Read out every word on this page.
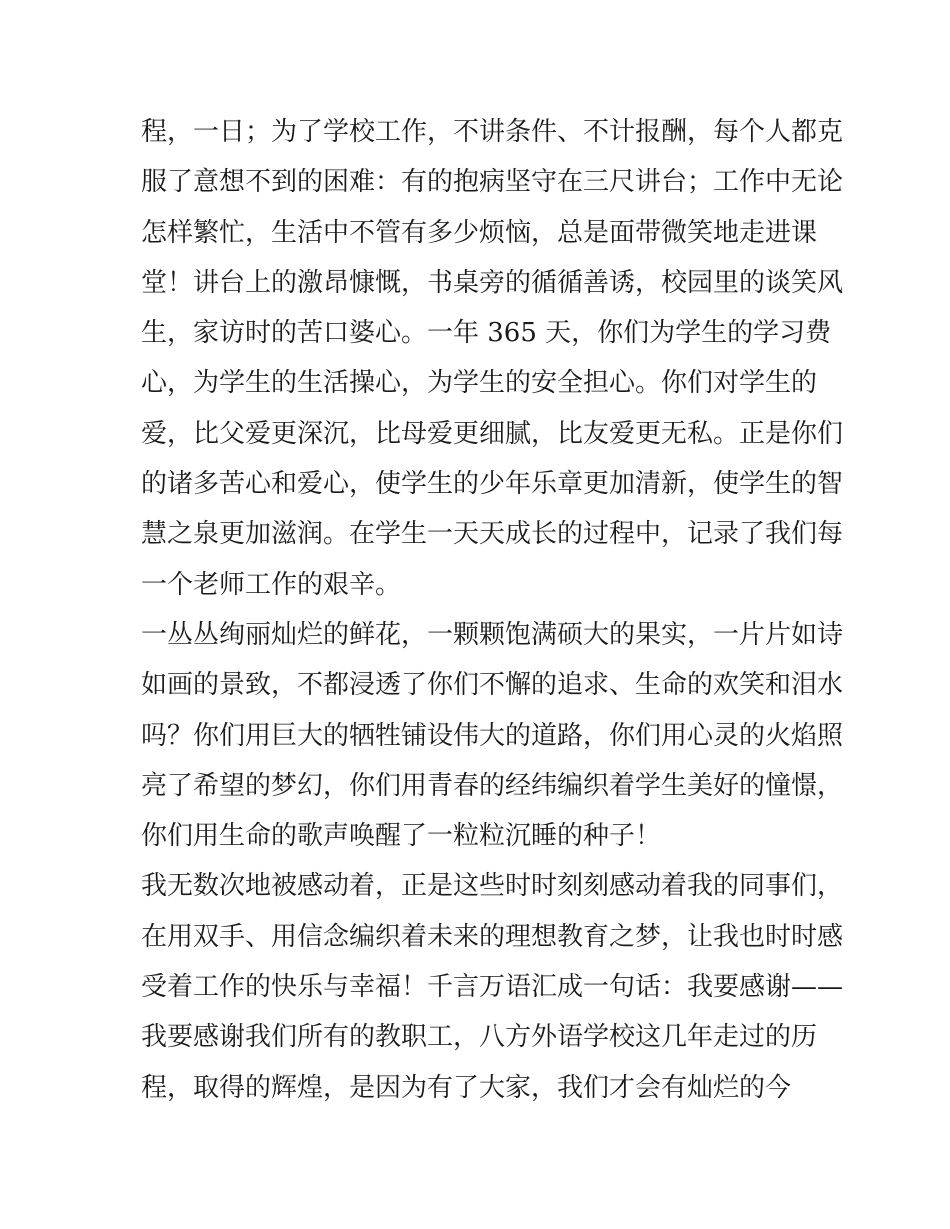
程，一日；为了学校工作，不讲条件、不计报酬，每个人都克
服了意想不到的困难：有的抱病坚守在三尺讲台；工作中无论
怎样繁忙，生活中不管有多少烦恼，总是面带微笑地走进课
堂！讲台上的激昂慷慨，书桌旁的循循善诱，校园里的谈笑风
生，家访时的苦口婆心。一年 365 天，你们为学生的学习费
心，为学生的生活操心，为学生的安全担心。你们对学生的
爱，比父爱更深沉，比母爱更细腻，比友爱更无私。正是你们
的诸多苦心和爱心，使学生的少年乐章更加清新，使学生的智
慧之泉更加滋润。在学生一天天成长的过程中，记录了我们每
一个老师工作的艰辛。
一丛丛绚丽灿烂的鲜花，一颗颗饱满硕大的果实，一片片如诗
如画的景致，不都浸透了你们不懈的追求、生命的欢笑和泪水
吗？你们用巨大的牺牲铺设伟大的道路，你们用心灵的火焰照
亮了希望的梦幻，你们用青春的经纬编织着学生美好的憧憬，
你们用生命的歌声唤醒了一粒粒沉睡的种子！
我无数次地被感动着，正是这些时时刻刻感动着我的同事们，
在用双手、用信念编织着未来的理想教育之梦，让我也时时感
受着工作的快乐与幸福！千言万语汇成一句话：我要感谢——
我要感谢我们所有的教职工，八方外语学校这几年走过的历
程，取得的辉煌，是因为有了大家，我们才会有灿烂的今
